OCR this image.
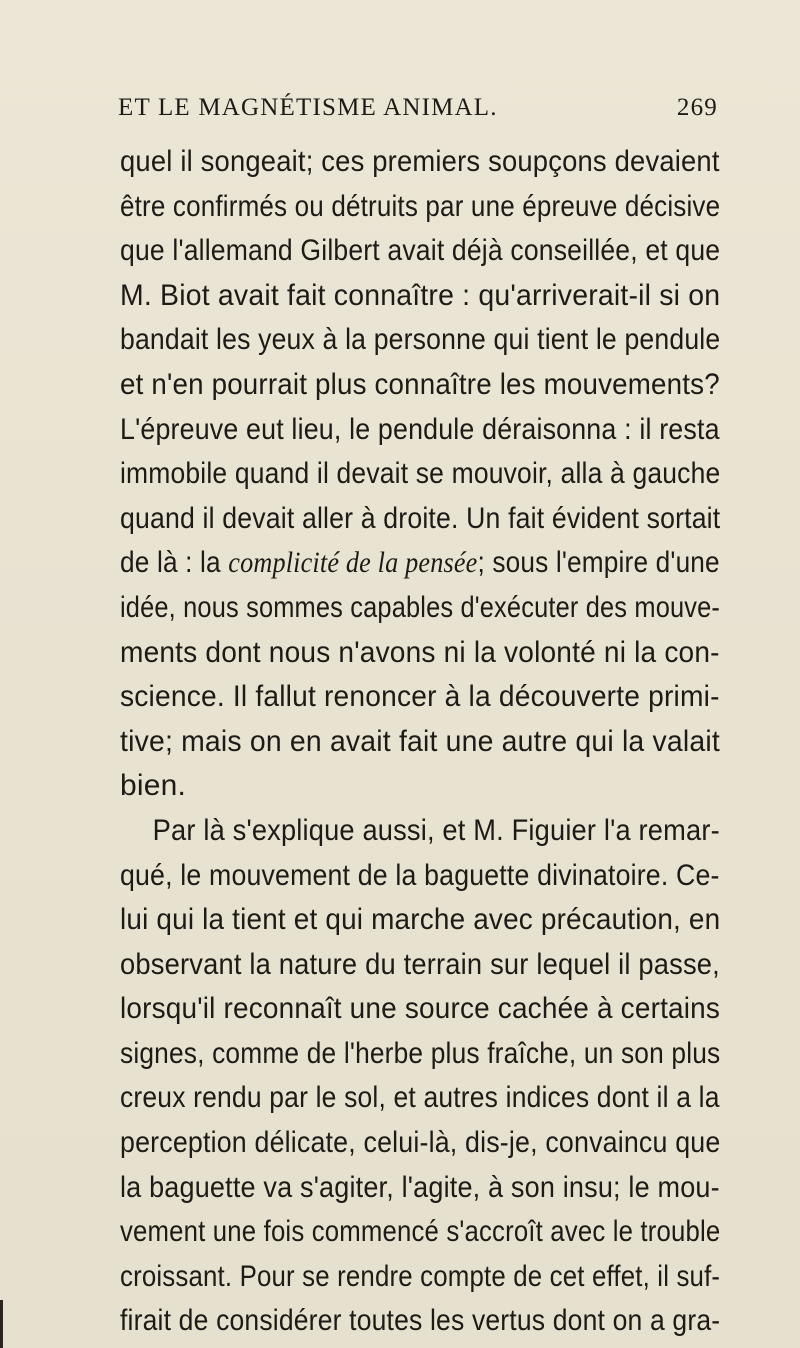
ET LE MAGNÉTISME ANIMAL.	269
quel il songeait; ces premiers soupçons devaient
être confirmés ou détruits par une épreuve décisive
que l'allemand Gilbert avait déjà conseillée, et que
M. Biot avait fait connaître : qu'arriverait-il si on
bandait les yeux à la personne qui tient le pendule
et n'en pourrait plus connaître les mouvements?
L'épreuve eut lieu, le pendule déraisonna : il resta
immobile quand il devait se mouvoir, alla à gauche
quand il devait aller à droite. Un fait évident sortait
de là : la complicité de la pensée; sous l'empire d'une
idée, nous sommes capables d'exécuter des mouve-
ments dont nous n'avons ni la volonté ni la con-
science. Il fallut renoncer à la découverte primi-
tive; mais on en avait fait une autre qui la valait
bien.
Par là s'explique aussi, et M. Figuier l'a remar-
qué, le mouvement de la baguette divinatoire. Ce-
lui qui la tient et qui marche avec précaution, en
observant la nature du terrain sur lequel il passe,
lorsqu'il reconnaît une source cachée à certains
signes, comme de l'herbe plus fraîche, un son plus
creux rendu par le sol, et autres indices dont il a la
perception délicate, celui-là, dis-je, convaincu que
la baguette va s'agiter, l'agite, à son insu; le mou-
vement une fois commencé s'accroît avec le trouble
croissant. Pour se rendre compte de cet effet, il suf-
firait de considérer toutes les vertus dont on a gra-
